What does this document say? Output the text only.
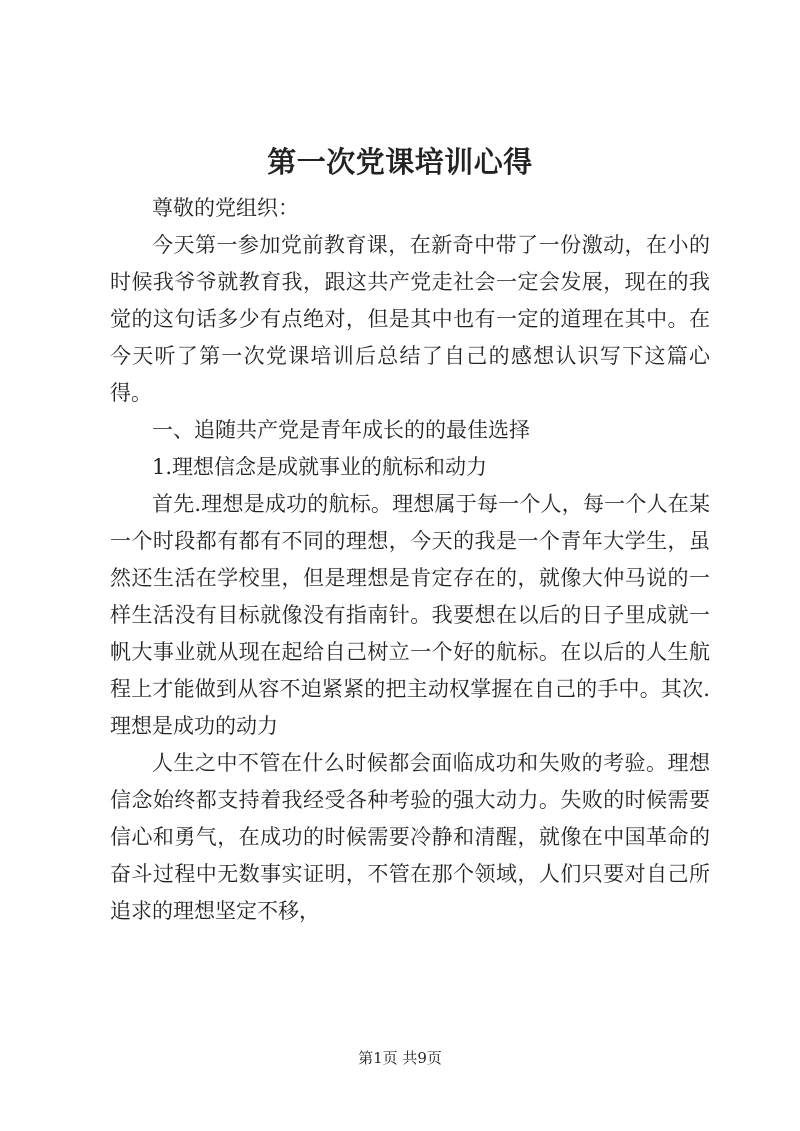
第一次党课培训心得

尊敬的党组织：

今天第一参加党前教育课，在新奇中带了一份激动，在小的时候我爷爷就教育我，跟这共产党走社会一定会发展，现在的我觉的这句话多少有点绝对，但是其中也有一定的道理在其中。在今天听了第一次党课培训后总结了自己的感想认识写下这篇心得。

一、追随共产党是青年成长的的最佳选择

1.理想信念是成就事业的航标和动力

首先.理想是成功的航标。理想属于每一个人，每一个人在某一个时段都有都有不同的理想，今天的我是一个青年大学生，虽然还生活在学校里，但是理想是肯定存在的，就像大仲马说的一样生活没有目标就像没有指南针。我要想在以后的日子里成就一帆大事业就从现在起给自己树立一个好的航标。在以后的人生航程上才能做到从容不迫紧紧的把主动权掌握在自己的手中。其次.理想是成功的动力

人生之中不管在什么时候都会面临成功和失败的考验。理想信念始终都支持着我经受各种考验的强大动力。失败的时候需要信心和勇气，在成功的时候需要冷静和清醒，就像在中国革命的奋斗过程中无数事实证明，不管在那个领域，人们只要对自己所追求的理想坚定不移，

第1页 共9页
